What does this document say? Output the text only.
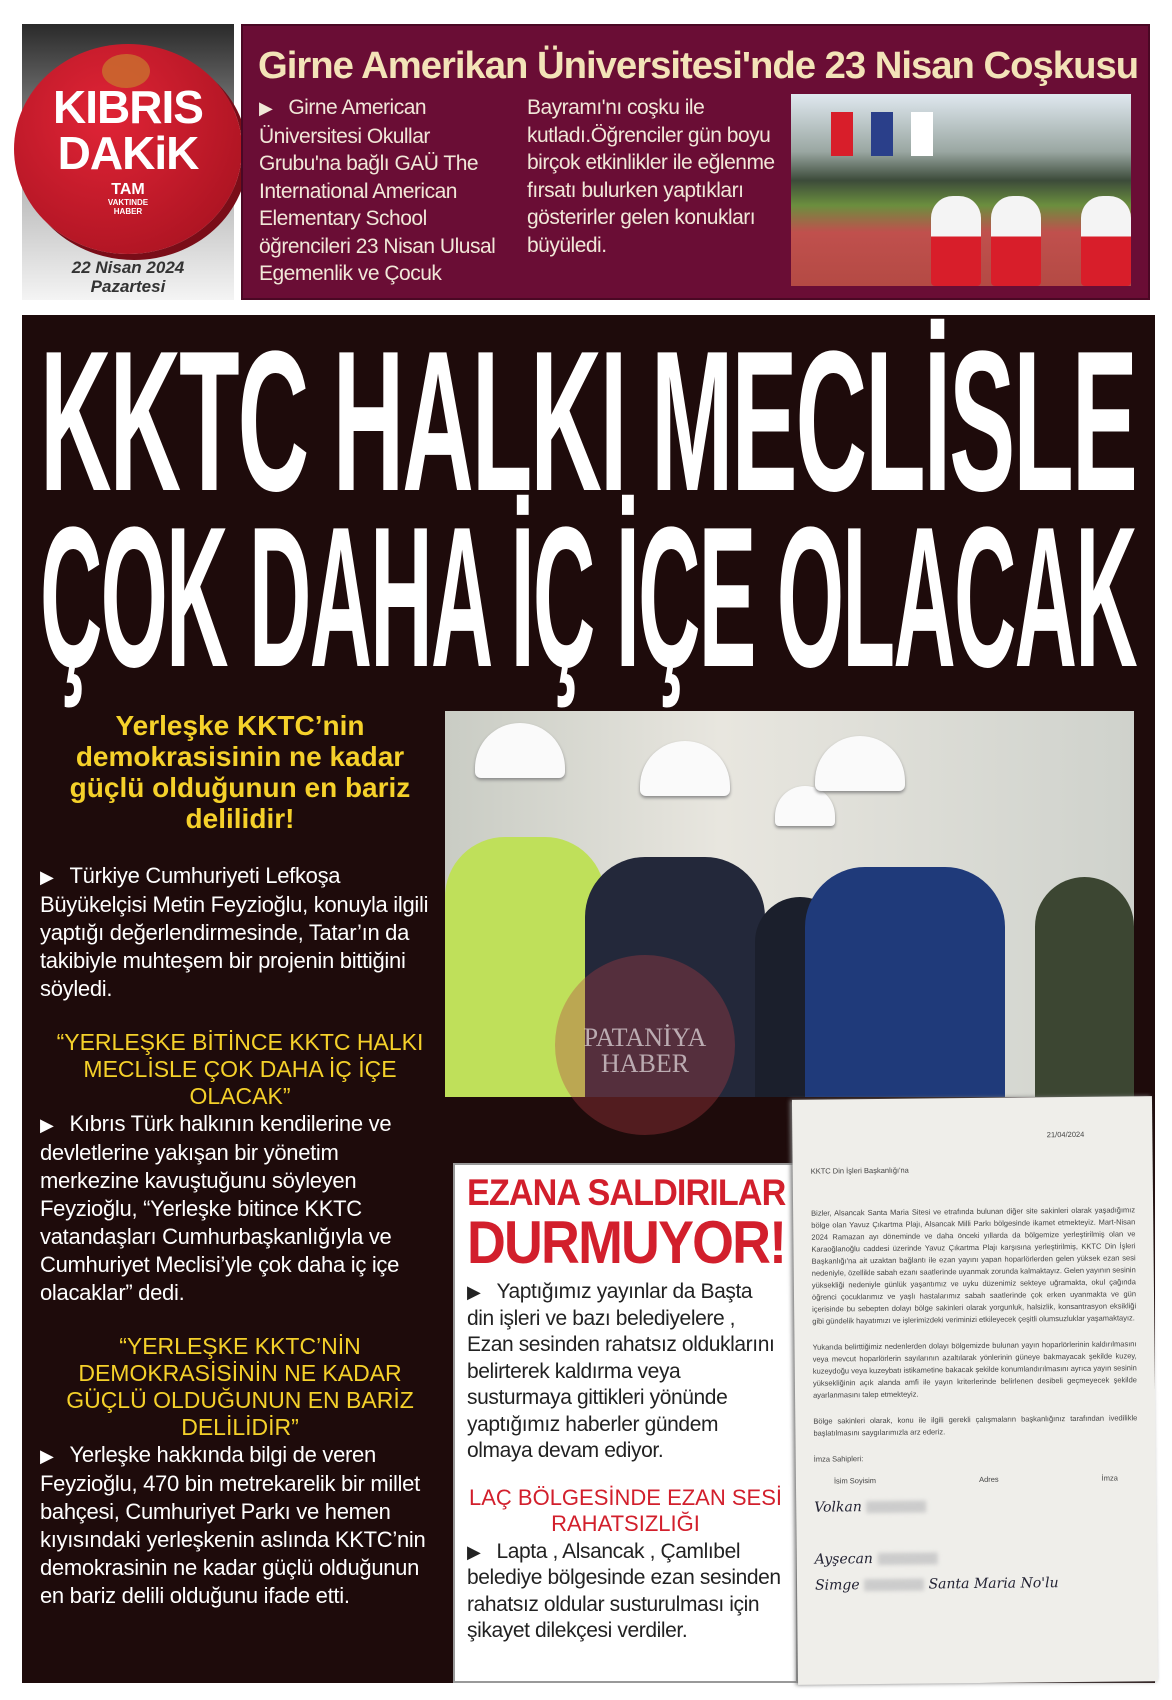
KIBRIS
DAKiK
TAM
VAKTINDE
HABER
22 Nisan 2024
Pazartesi
Girne Amerikan Üniversitesi'nde 23 Nisan Coşkusu
▶ Girne American Üniversitesi Okullar Grubu'na bağlı GAÜ The International American Elementary School öğrencileri 23 Nisan Ulusal Egemenlik ve Çocuk
Bayramı'nı coşku ile kutladı.Öğrenciler gün boyu birçok etkinlikler ile eğlenme fırsatı bulurken yaptıkları gösterirler gelen konukları büyüledi.
KKTC HALKI MECLİSLE
ÇOK DAHA İÇ İÇE OLACAK
Yerleşke KKTC’nin demokrasisinin ne kadar güçlü olduğunun en bariz delilidir!
▶ Türkiye Cumhuriyeti Lefkoşa Büyükelçisi Metin Feyzioğlu, konuyla ilgili yaptığı değerlendirmesinde, Tatar’ın da takibiyle muhteşem bir projenin bittiğini söyledi.
“YERLEŞKE BİTİNCE KKTC HALKI MECLİSLE ÇOK DAHA İÇ İÇE OLACAK”
▶ Kıbrıs Türk halkının kendilerine ve devletlerine yakışan bir yönetim merkezine kavuştuğunu söyleyen Feyzioğlu, “Yerleşke bitince KKTC vatandaşları Cumhurbaşkanlığıyla ve Cumhuriyet Meclisi’yle çok daha iç içe olacaklar” dedi.
“YERLEŞKE KKTC’NİN DEMOKRASİSİNİN NE KADAR GÜÇLÜ OLDUĞUNUN EN BARİZ DELİLİDİR”
▶ Yerleşke hakkında bilgi de veren Feyzioğlu, 470 bin metrekarelik bir millet bahçesi, Cumhuriyet Parkı ve hemen kıyısındaki yerleşkenin aslında KKTC’nin demokrasinin ne kadar güçlü olduğunun en bariz delili olduğunu ifade etti.
PATANİYA
HABER
EZANA SALDIRILAR DURMUYOR!
▶ Yaptığımız yayınlar da Başta din işleri ve bazı belediyelere , Ezan sesinden rahatsız olduklarını belirterek kaldırma veya susturmaya gittikleri yönünde yaptığımız haberler gündem olmaya devam ediyor.
LAÇ BÖLGESİNDE EZAN SESİ RAHATSIZLIĞI
▶ Lapta , Alsancak , Çamlıbel belediye bölgesinde ezan sesinden rahatsız oldular susturulması için şikayet dilekçesi verdiler.
21/04/2024
KKTC Din İşleri Başkanlığı'na
Bizler, Alsancak Santa Maria Sitesi ve etrafında bulunan diğer site sakinleri olarak yaşadığımız bölge olan Yavuz Çıkartma Plajı, Alsancak Milli Parkı bölgesinde ikamet etmekteyiz. Mart-Nisan 2024 Ramazan ayı döneminde ve daha önceki yıllarda da bölgemize yerleştirilmiş olan ve Karaoğlanoğlu caddesi üzerinde Yavuz Çıkartma Plajı karşısına yerleştirilmiş, KKTC Din İşleri Başkanlığı'na ait uzaktan bağlantı ile ezan yayını yapan hoparlörlerden gelen yüksek ezan sesi nedeniyle, özellikle sabah ezanı saatlerinde uyanmak zorunda kalmaktayız. Gelen yayının sesinin yüksekliği nedeniyle günlük yaşantımız ve uyku düzenimiz sekteye uğramakta, okul çağında öğrenci çocuklarımız ve yaşlı hastalarımız sabah saatlerinde çok erken uyanmakta ve gün içerisinde bu sebepten dolayı bölge sakinleri olarak yorgunluk, halsizlik, konsantrasyon eksikliği gibi gündelik hayatımızı ve işlerimizdeki veriminizi etkileyecek çeşitli olumsuzluklar yaşamaktayız.
Yukarıda belirttiğimiz nedenlerden dolayı bölgemizde bulunan yayın hoparlörlerinin kaldırılmasını veya mevcut hoparlörlerin sayılarının azaltılarak yönlerinin güneye bakmayacak şekilde kuzey, kuzeydoğu veya kuzeybatı istikametine bakacak şekilde konumlandırılmasını ayrıca yayın sesinin yüksekliğinin açık alanda amfi ile yayın kriterlerinde belirlenen desibeli geçmeyecek şekilde ayarlanmasını talep etmekteyiz.
Bölge sakinleri olarak, konu ile ilgili gerekli çalışmaların başkanlığınız tarafından ivedilikle başlatılmasını saygılarımızla arz ederiz.
İmza Sahipleri:
İsim Soyisim	Adres	İmza
Volkan
Ayşecan
Simge	Santa Maria No'lu
